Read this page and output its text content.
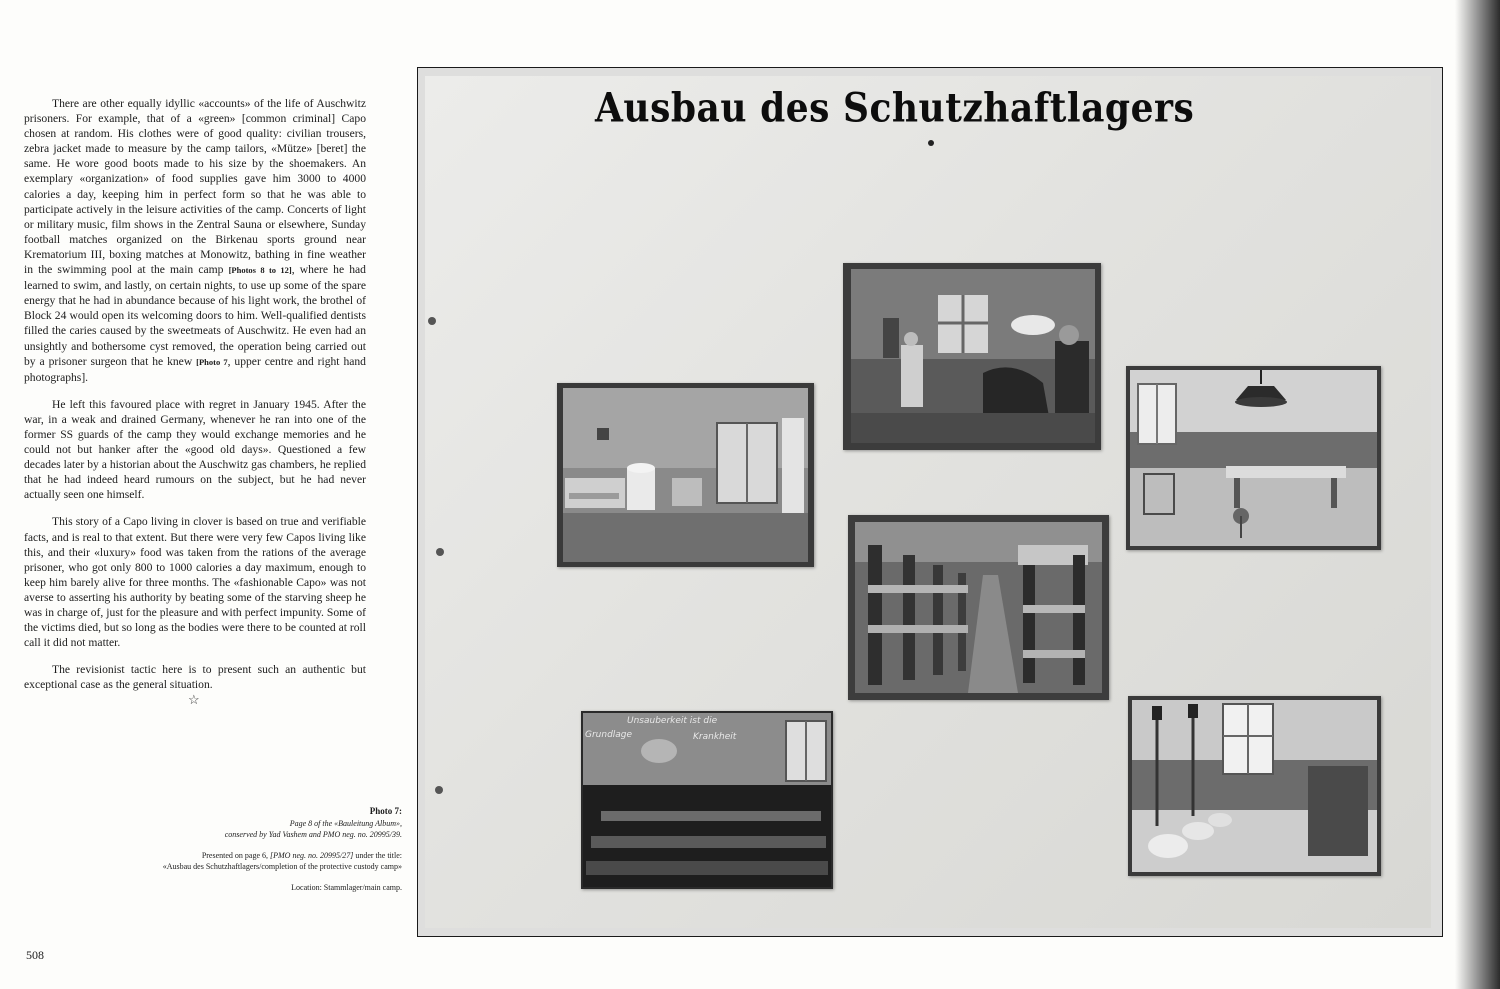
There are other equally idyllic «accounts» of the life of Auschwitz prisoners. For example, that of a «green» [common criminal] Capo chosen at random. His clothes were of good quality: civilian trousers, zebra jacket made to measure by the camp tailors, «Mütze» [beret] the same. He wore good boots made to his size by the shoemakers. An exemplary «organization» of food supplies gave him 3000 to 4000 calories a day, keeping him in perfect form so that he was able to participate actively in the leisure activities of the camp. Concerts of light or military music, film shows in the Zentral Sauna or elsewhere, Sunday football matches organized on the Birkenau sports ground near Krematorium III, boxing matches at Monowitz, bathing in fine weather in the swimming pool at the main camp [Photos 8 to 12], where he had learned to swim, and lastly, on certain nights, to use up some of the spare energy that he had in abundance because of his light work, the brothel of Block 24 would open its welcoming doors to him. Well-qualified dentists filled the caries caused by the sweetmeats of Auschwitz. He even had an unsightly and bothersome cyst removed, the operation being carried out by a prisoner surgeon that he knew [Photo 7, upper centre and right hand photographs].

He left this favoured place with regret in January 1945. After the war, in a weak and drained Germany, whenever he ran into one of the former SS guards of the camp they would exchange memories and he could not but hanker after the «good old days». Questioned a few decades later by a historian about the Auschwitz gas chambers, he replied that he had indeed heard rumours on the subject, but he had never actually seen one himself.

This story of a Capo living in clover is based on true and verifiable facts, and is real to that extent. But there were very few Capos living like this, and their «luxury» food was taken from the rations of the average prisoner, who got only 800 to 1000 calories a day maximum, enough to keep him barely alive for three months. The «fashionable Capo» was not averse to asserting his authority by beating some of the starving sheep he was in charge of, just for the pleasure and with perfect impunity. Some of the victims died, but so long as the bodies were there to be counted at roll call it did not matter.

The revisionist tactic here is to present such an authentic but exceptional case as the general situation.

☆
Photo 7:
Page 8 of the «Bauleitung Album»,
conserved by Yad Vashem and PMO neg. no. 20995/39.
Presented on page 6, [PMO neg. no. 20995/27] under the title:
«Ausbau des Schutzhaftlagers/completion of the protective custody camp»
Location: Stammlager/main camp.
508
Ausbau des Schutzhaftlagers
Unsauberkeit ist die
Grundlage	Krankheit
